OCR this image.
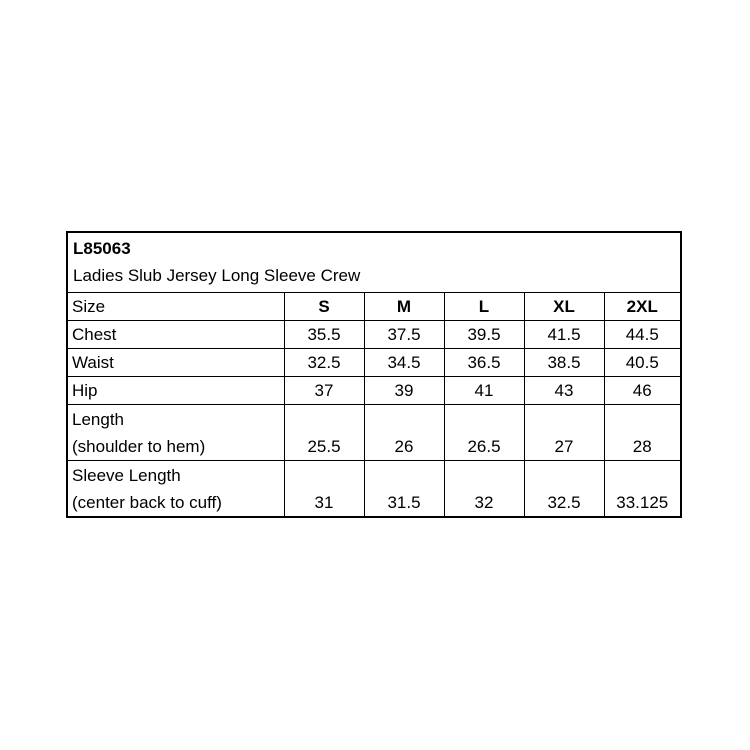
L85063
Ladies Slub Jersey Long Sleeve Crew
Size	S	M	L	XL	2XL
Chest	35.5	37.5	39.5	41.5	44.5
Waist	32.5	34.5	36.5	38.5	40.5
Hip	37	39	41	43	46

Length
(shoulder to hem)	25.5	26	26.5	27	28

Sleeve Length
(center back to cuff)	31	31.5	32	32.5	33.125
